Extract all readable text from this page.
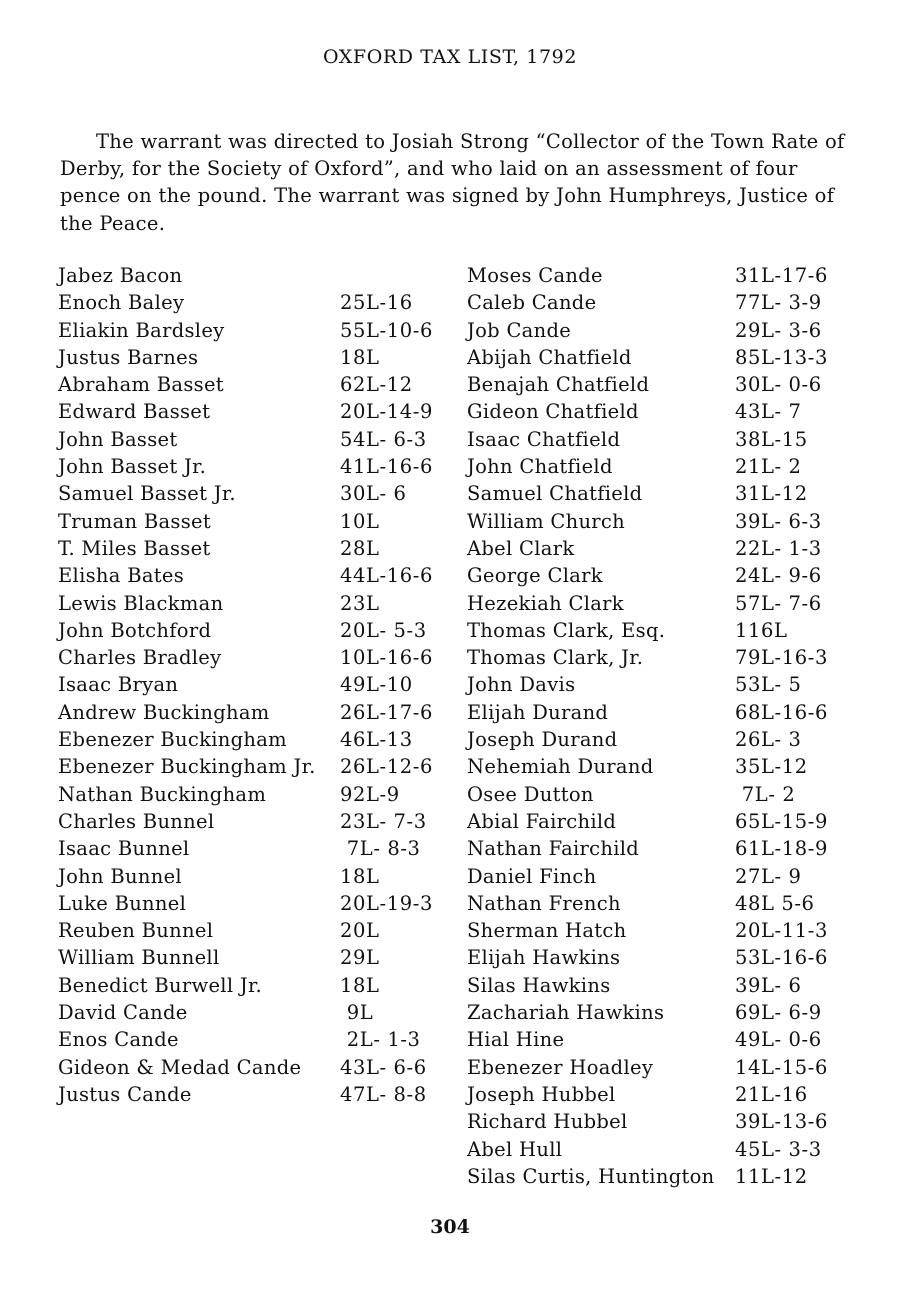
OXFORD TAX LIST, 1792
The warrant was directed to Josiah Strong “Collector of the Town Rate of Derby, for the Society of Oxford”, and who laid on an assessment of four pence on the pound. The warrant was signed by John Humphreys, Justice of the Peace.
Jabez Bacon
Enoch Baley	25L-16
Eliakin Bardsley	55L-10-6
Justus Barnes	18L
Abraham Basset	62L-12
Edward Basset	20L-14-9
John Basset	54L- 6-3
John Basset Jr.	41L-16-6
Samuel Basset Jr.	30L- 6
Truman Basset	10L
T. Miles Basset	28L
Elisha Bates	44L-16-6
Lewis Blackman	23L
John Botchford	20L- 5-3
Charles Bradley	10L-16-6
Isaac Bryan	49L-10
Andrew Buckingham	26L-17-6
Ebenezer Buckingham	46L-13
Ebenezer Buckingham Jr. 26L-12-6
Nathan Buckingham	92L-9
Charles Bunnel	23L- 7-3
Isaac Bunnel	7L- 8-3
John Bunnel	18L
Luke Bunnel	20L-19-3
Reuben Bunnel	20L
William Bunnell	29L
Benedict Burwell Jr.	18L
David Cande	9L
Enos Cande	2L- 1-3
Gideon & Medad Cande 43L- 6-6
Justus Cande	47L- 8-8
Moses Cande	31L-17-6
Caleb Cande	77L- 3-9
Job Cande	29L- 3-6
Abijah Chatfield	85L-13-3
Benajah Chatfield	30L- 0-6
Gideon Chatfield	43L- 7
Isaac Chatfield	38L-15
John Chatfield	21L- 2
Samuel Chatfield	31L-12
William Church	39L- 6-3
Abel Clark	22L- 1-3
George Clark	24L- 9-6
Hezekiah Clark	57L- 7-6
Thomas Clark, Esq.	116L
Thomas Clark, Jr.	79L-16-3
John Davis	53L- 5
Elijah Durand	68L-16-6
Joseph Durand	26L- 3
Nehemiah Durand	35L-12
Osee Dutton	7L- 2
Abial Fairchild	65L-15-9
Nathan Fairchild	61L-18-9
Daniel Finch	27L- 9
Nathan French	48L 5-6
Sherman Hatch	20L-11-3
Elijah Hawkins	53L-16-6
Silas Hawkins	39L- 6
Zachariah Hawkins	69L- 6-9
Hial Hine	49L- 0-6
Ebenezer Hoadley	14L-15-6
Joseph Hubbel	21L-16
Richard Hubbel	39L-13-6
Abel Hull	45L- 3-3
Silas Curtis, Huntington 11L-12
304
